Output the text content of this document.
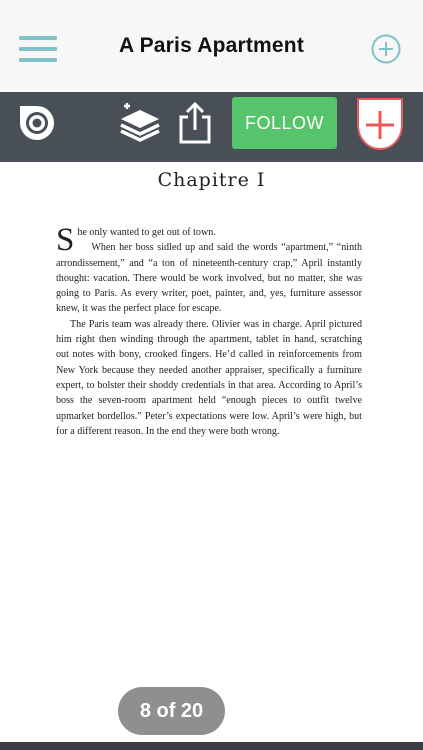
A Paris Apartment
FOLLOW
Chapitre I

She only wanted to get out of town.

When her boss sidled up and said the words “apartment,” “ninth arrondissement,” and “a ton of nineteenth-century crap,” April instantly thought: vacation. There would be work involved, but no matter, she was going to Paris. As every writer, poet, painter, and, yes, furniture assessor knew, it was the perfect place for escape.

The Paris team was already there. Olivier was in charge. April pictured him right then winding through the apartment, tablet in hand, scratching out notes with bony, crooked fingers. He’d called in reinforcements from New York because they needed another appraiser, specifically a furniture expert, to bolster their shoddy credentials in that area. According to April’s boss the seven-room apartment held “enough pieces to outfit twelve upmarket bordellos.” Peter’s expectations were low. April’s were high, but for a different reason. In the end they were both wrong.

8 of 20
